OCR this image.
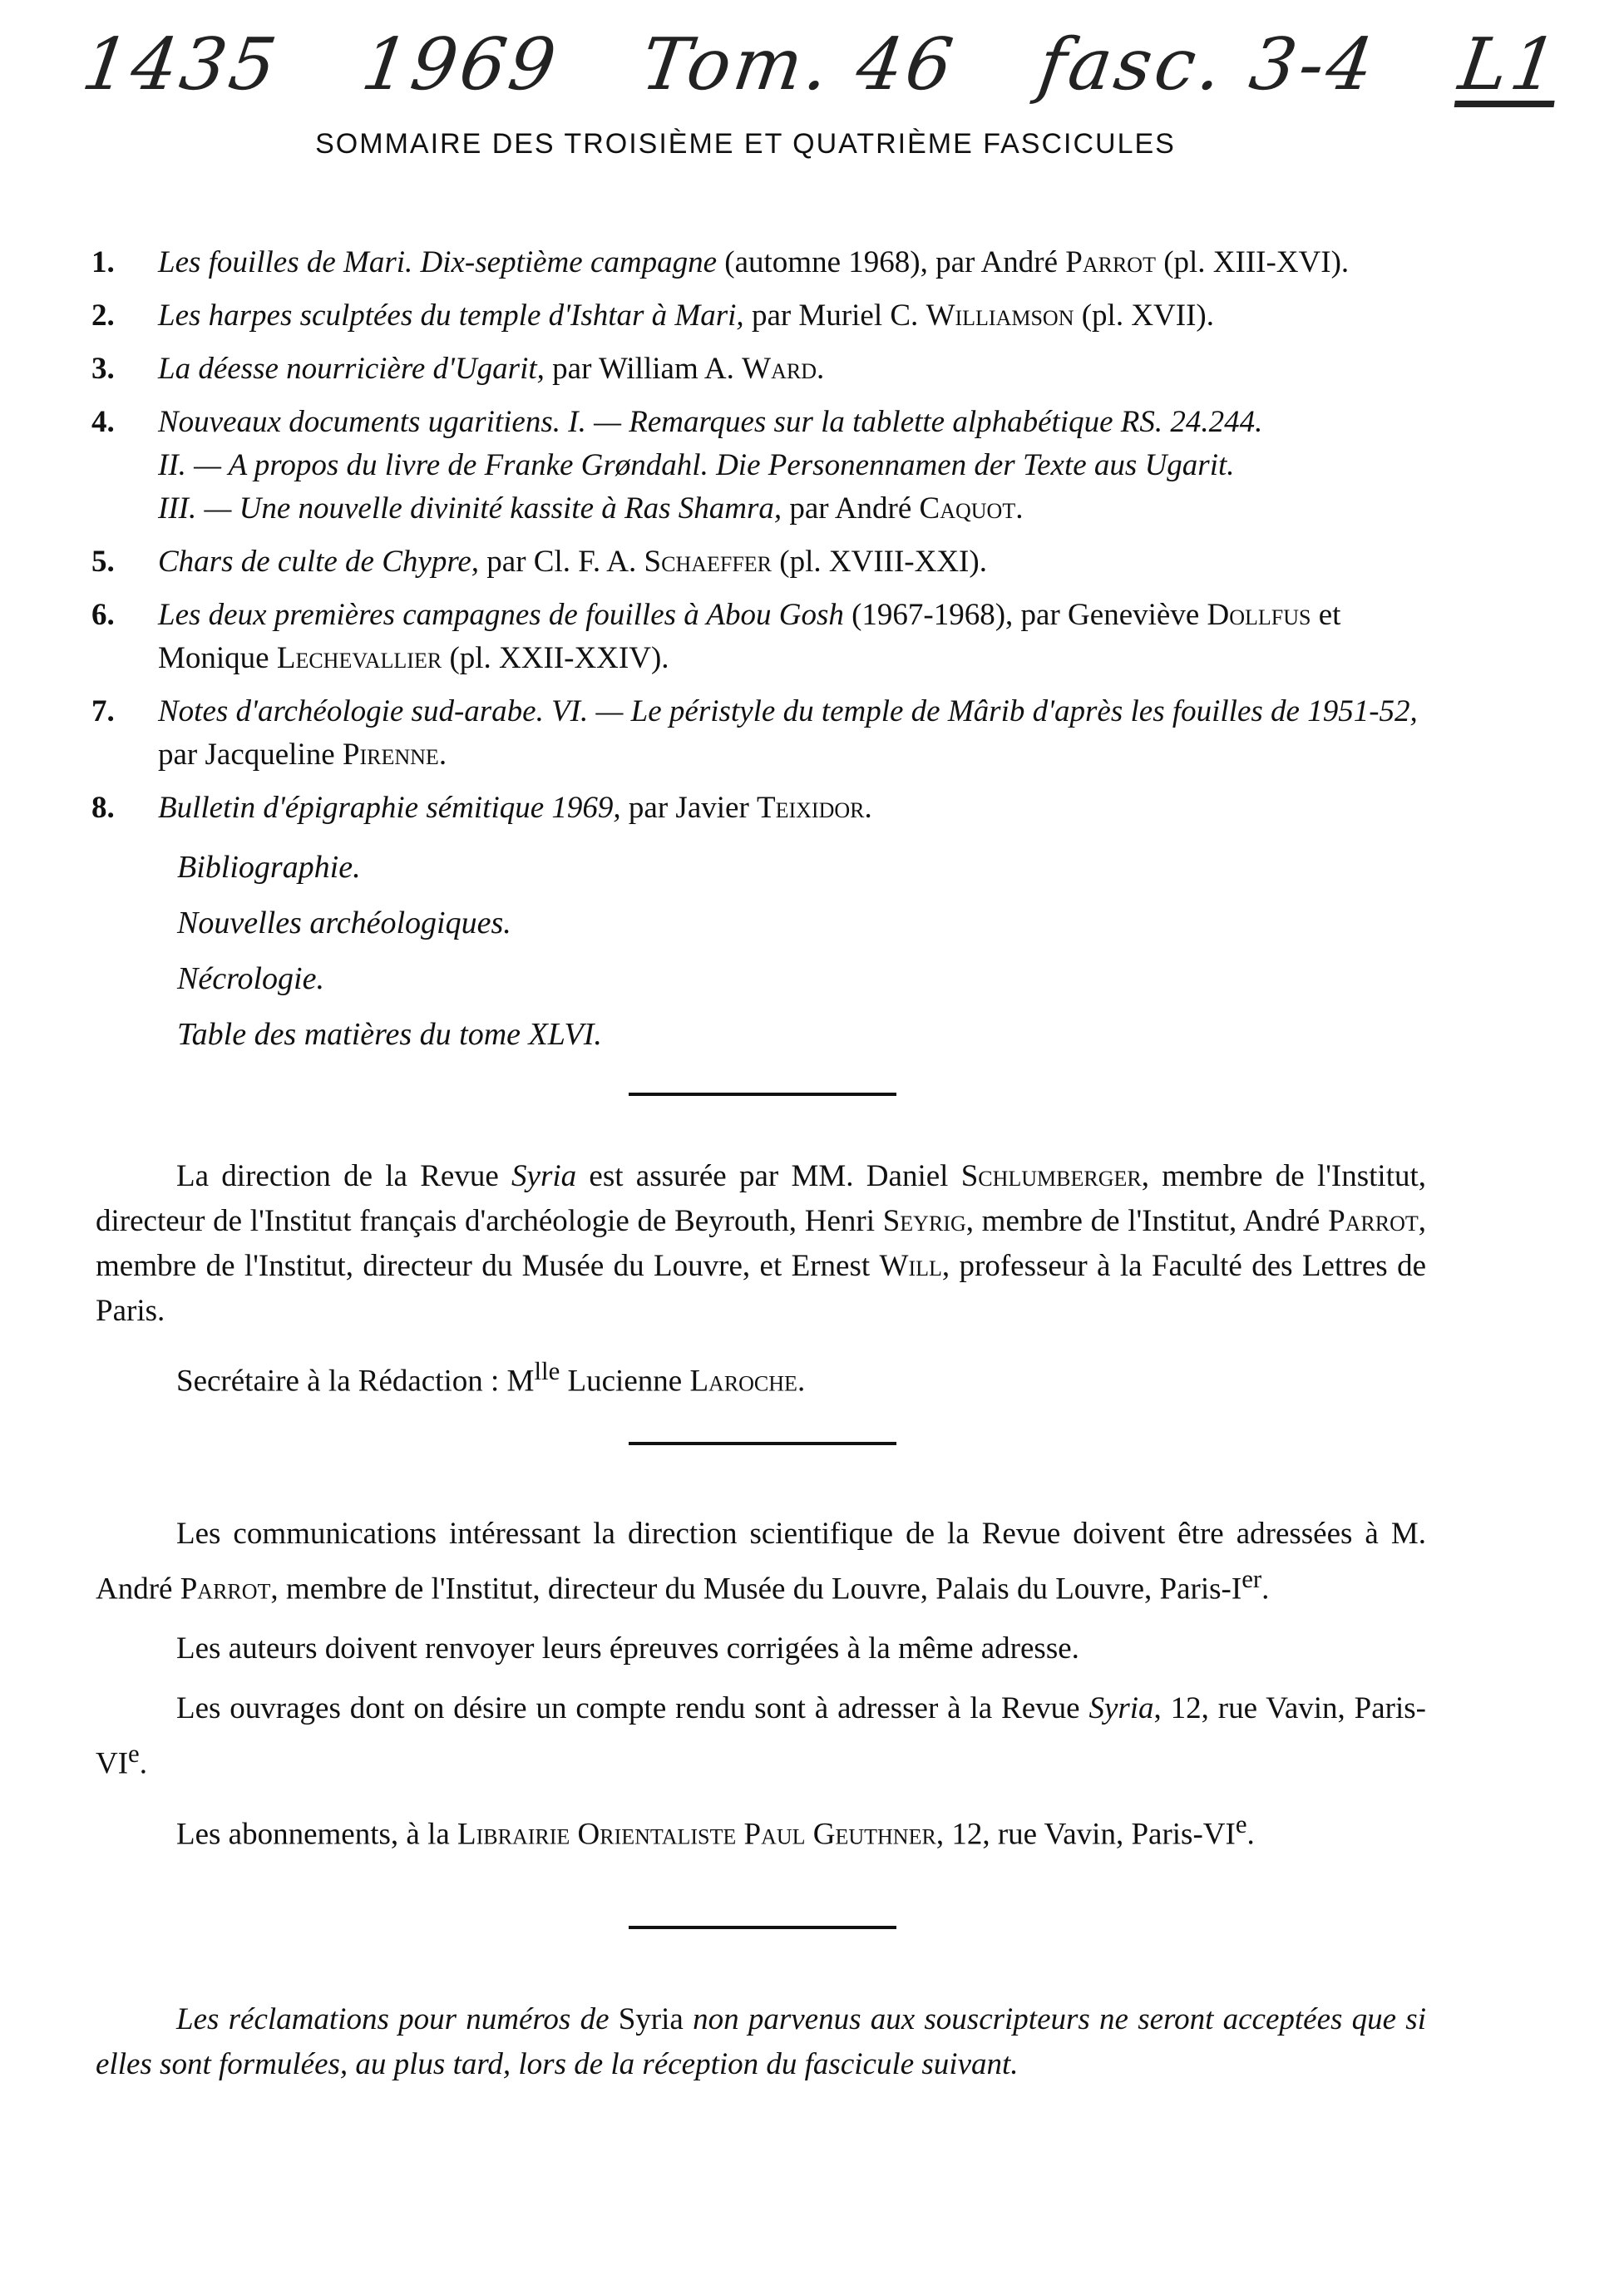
1435 1969 Tom. 46 fasc. 3-4 L1
SOMMAIRE DES TROISIÈME ET QUATRIÈME FASCICULES
1. Les fouilles de Mari. Dix-septième campagne (automne 1968), par André Parrot (pl. XIII-XVI).
2. Les harpes sculptées du temple d'Ishtar à Mari, par Muriel C. Williamson (pl. XVII).
3. La déesse nourricière d'Ugarit, par William A. Ward.
4. Nouveaux documents ugaritiens. I. — Remarques sur la tablette alphabétique RS. 24.244.
II. — A propos du livre de Franke Grøndahl. Die Personennamen der Texte aus Ugarit.
III. — Une nouvelle divinité kassite à Ras Shamra, par André Caquot.
5. Chars de culte de Chypre, par Cl. F. A. Schaeffer (pl. XVIII-XXI).
6. Les deux premières campagnes de fouilles à Abou Gosh (1967-1968), par Geneviève Dollfus et Monique Lechevallier (pl. XXII-XXIV).
7. Notes d'archéologie sud-arabe. VI. — Le péristyle du temple de Mârib d'après les fouilles de 1951-52, par Jacqueline Pirenne.
8. Bulletin d'épigraphie sémitique 1969, par Javier Teixidor.
Bibliographie.
Nouvelles archéologiques.
Nécrologie.
Table des matières du tome XLVI.

La direction de la Revue Syria est assurée par MM. Daniel Schlumberger, membre de l'Institut, directeur de l'Institut français d'archéologie de Beyrouth, Henri Seyrig, membre de l'Institut, André Parrot, membre de l'Institut, directeur du Musée du Louvre, et Ernest Will, professeur à la Faculté des Lettres de Paris.

Secrétaire à la Rédaction : $M^{lle}$ Lucienne Laroche.

Les communications intéressant la direction scientifique de la Revue doivent être adressées à M. André Parrot, membre de l'Institut, directeur du Musée du Louvre, Palais du Louvre, Paris-Ier.

Les auteurs doivent renvoyer leurs épreuves corrigées à la même adresse.

Les ouvrages dont on désire un compte rendu sont à adresser à la Revue Syria, 12, rue Vavin, Paris-VIe.

Les abonnements, à la Librairie Orientaliste Paul Geuthner, 12, rue Vavin, Paris-VIe.

Les réclamations pour numéros de Syria non parvenus aux souscripteurs ne seront acceptées que si elles sont formulées, au plus tard, lors de la réception du fascicule suivant.
